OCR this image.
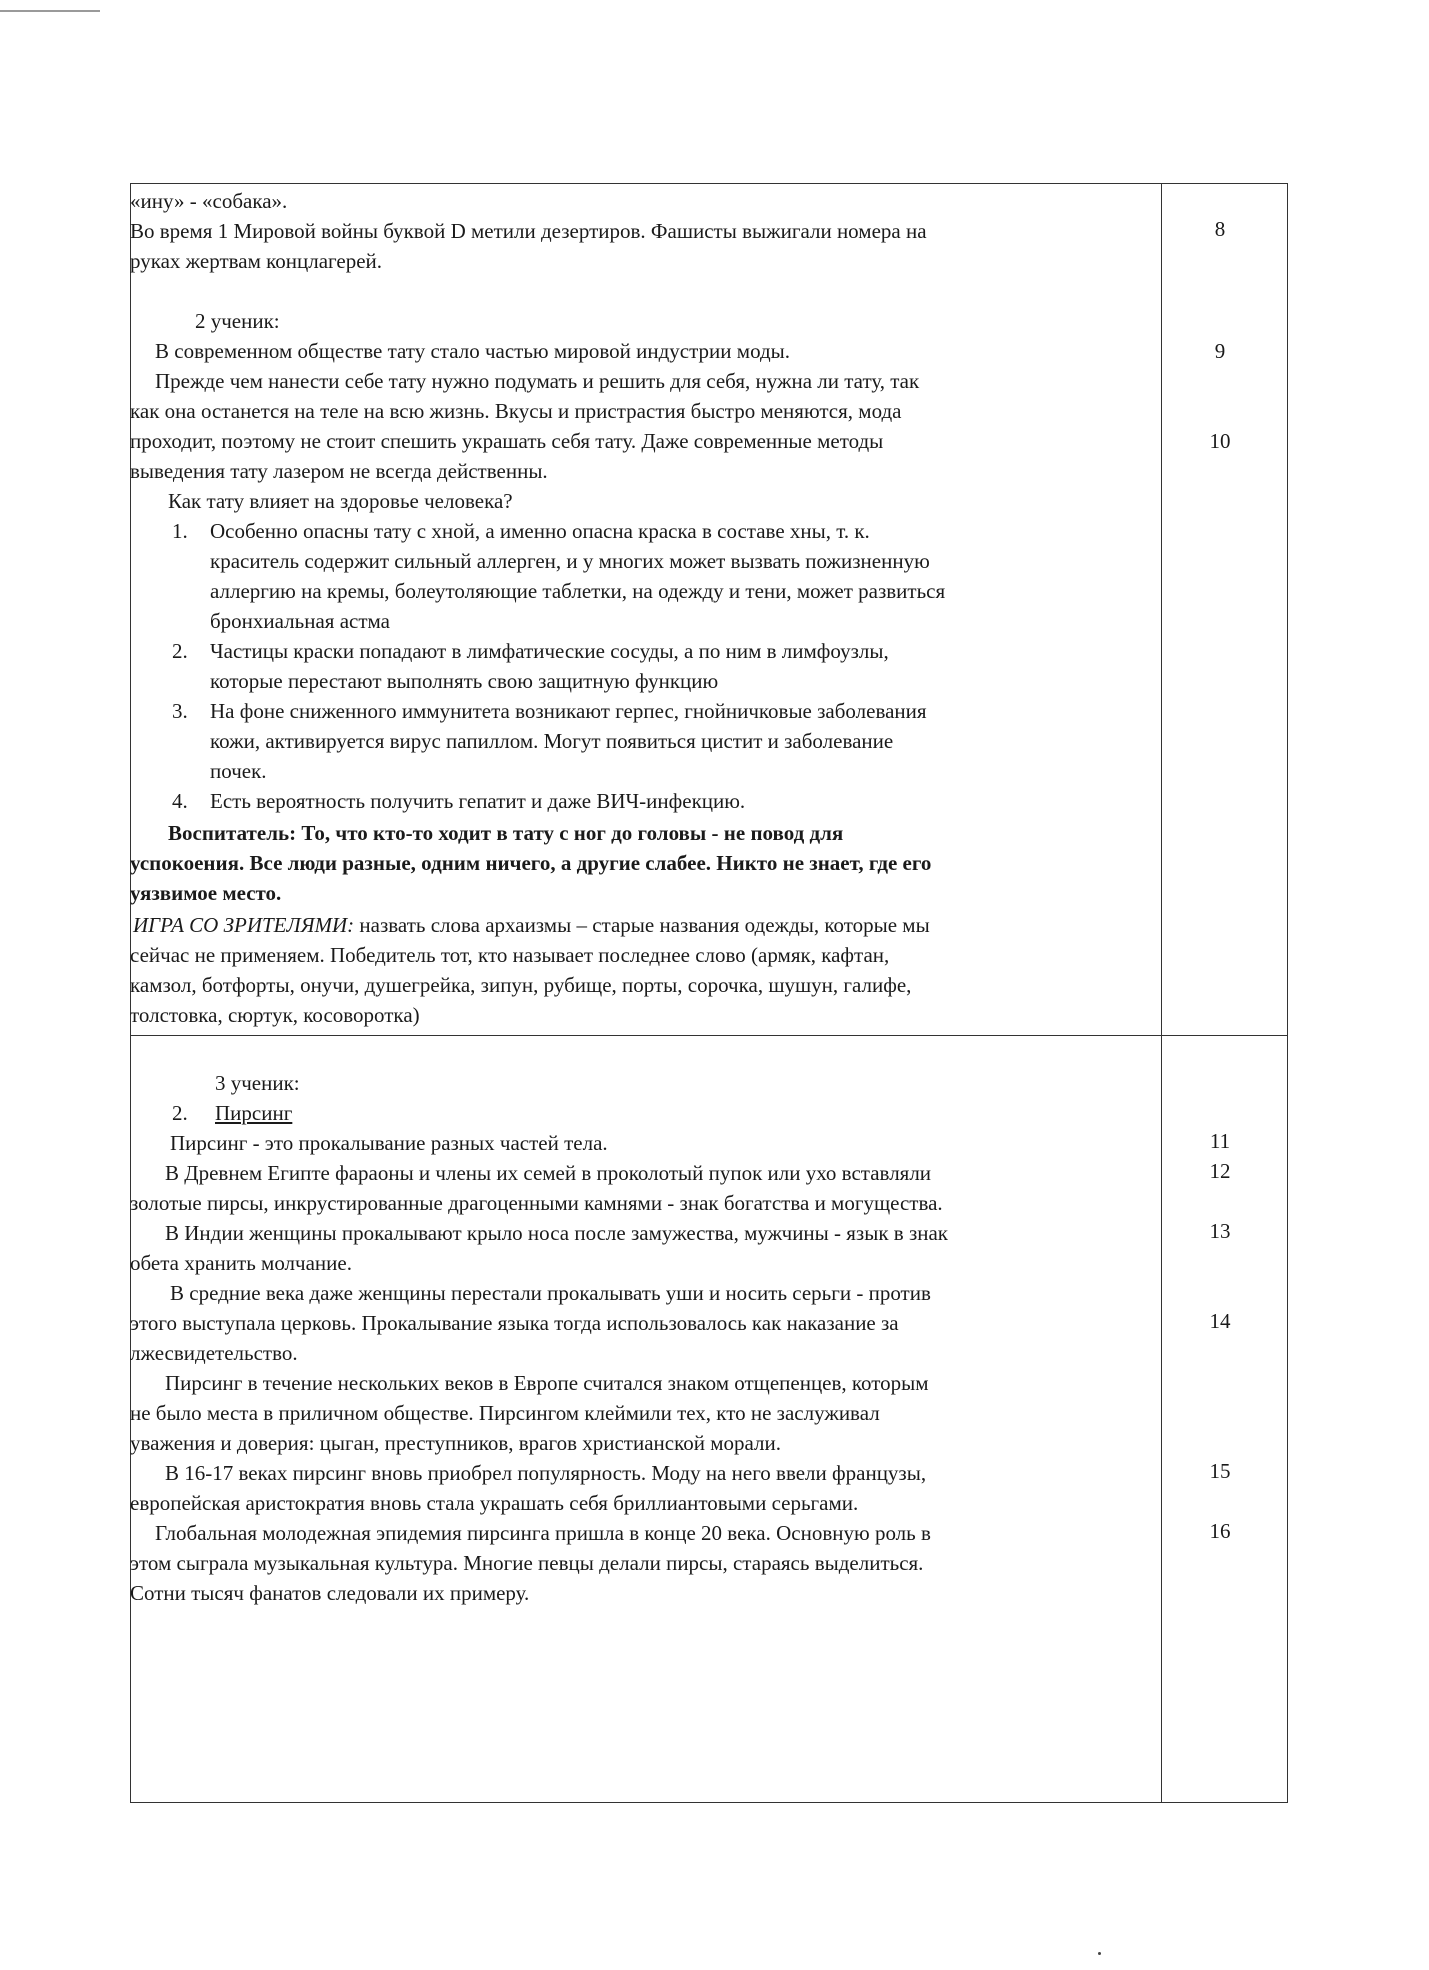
«ину» - «собака».
Во время 1 Мировой войны буквой D метили дезертиров. Фашисты выжигали номера на
руках жертвам концлагерей.
2 ученик:
В современном обществе тату стало частью мировой индустрии моды.
Прежде чем нанести себе тату нужно подумать и решить для себя, нужна ли тату, так
как она останется на теле на всю жизнь. Вкусы и пристрастия быстро меняются, мода
проходит, поэтому не стоит спешить украшать себя тату. Даже современные методы
выведения тату лазером не всегда действенны.
Как тату влияет на здоровье человека?
1. Особенно опасны тату с хной, а именно опасна краска в составе хны, т. к.
краситель содержит сильный аллерген, и у многих может вызвать пожизненную
аллергию на кремы, болеутоляющие таблетки, на одежду и тени, может развиться
бронхиальная астма
2. Частицы краски попадают в лимфатические сосуды, а по ним в лимфоузлы,
которые перестают выполнять свою защитную функцию
3. На фоне сниженного иммунитета возникают герпес, гнойничковые заболевания
кожи, активируется вирус папиллом. Могут появиться цистит и заболевание
почек.
4. Есть вероятность получить гепатит и даже ВИЧ-инфекцию.
Воспитатель: То, что кто-то ходит в тату с ног до головы - не повод для
успокоения. Все люди разные, одним ничего, а другие слабее. Никто не знает, где его
уязвимое место.
ИГРА СО ЗРИТЕЛЯМИ: назвать слова архаизмы – старые названия одежды, которые мы
сейчас не применяем. Победитель тот, кто называет последнее слово (армяк, кафтан,
камзол, ботфорты, онучи, душегрейка, зипун, рубище, порты, сорочка, шушун, галифе,
толстовка, сюртук, косоворотка)
8
9
10
3 ученик:
2. Пирсинг
Пирсинг - это прокалывание разных частей тела.
В Древнем Египте фараоны и члены их семей в проколотый пупок или ухо вставляли
золотые пирсы, инкрустированные драгоценными камнями - знак богатства и могущества.
В Индии женщины прокалывают крыло носа после замужества, мужчины - язык в знак
обета хранить молчание.
В средние века даже женщины перестали прокалывать уши и носить серьги - против
этого выступала церковь. Прокалывание языка тогда использовалось как наказание за
лжесвидетельство.
Пирсинг в течение нескольких веков в Европе считался знаком отщепенцев, которым
не было места в приличном обществе. Пирсингом клеймили тех, кто не заслуживал
уважения и доверия: цыган, преступников, врагов христианской морали.
В 16-17 веках пирсинг вновь приобрел популярность. Моду на него ввели французы,
европейская аристократия вновь стала украшать себя бриллиантовыми серьгами.
Глобальная молодежная эпидемия пирсинга пришла в конце 20 века. Основную роль в
этом сыграла музыкальная культура. Многие певцы делали пирсы, стараясь выделиться.
Сотни тысяч фанатов следовали их примеру.
11
12
13
14
15
16
